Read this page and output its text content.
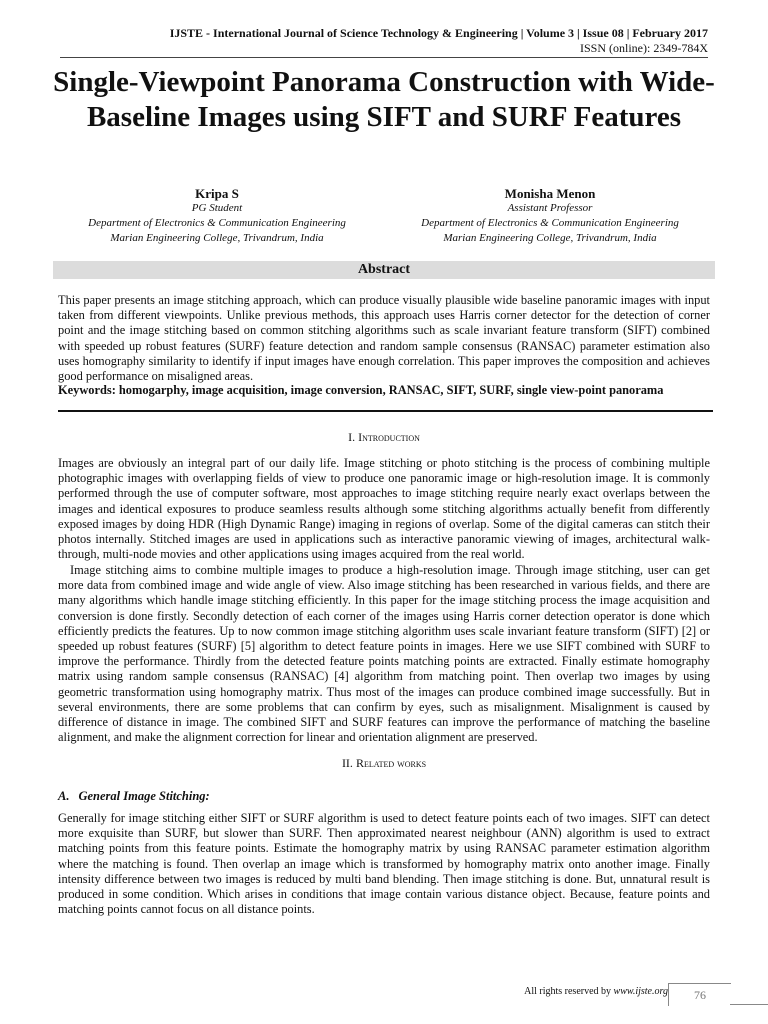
IJSTE - International Journal of Science Technology & Engineering | Volume 3 | Issue 08 | February 2017
ISSN (online): 2349-784X
Single-Viewpoint Panorama Construction with Wide-Baseline Images using SIFT and SURF Features
Kripa S
PG Student
Department of Electronics & Communication Engineering
Marian Engineering College, Trivandrum, India
Monisha Menon
Assistant Professor
Department of Electronics & Communication Engineering
Marian Engineering College, Trivandrum, India
Abstract

This paper presents an image stitching approach, which can produce visually plausible wide baseline panoramic images with input taken from different viewpoints. Unlike previous methods, this approach uses Harris corner detector for the detection of corner point and the image stitching based on common stitching algorithms such as scale invariant feature transform (SIFT) combined with speeded up robust features (SURF) feature detection and random sample consensus (RANSAC) parameter estimation also uses homography similarity to identify if input images have enough correlation. This paper improves the composition and achieves good performance on misaligned areas.

Keywords: homogarphy, image acquisition, image conversion, RANSAC, SIFT, SURF, single view-point panorama

I. Introduction

Images are obviously an integral part of our daily life. Image stitching or photo stitching is the process of combining multiple photographic images with overlapping fields of view to produce one panoramic image or high-resolution image. It is commonly performed through the use of computer software, most approaches to image stitching require nearly exact overlaps between the images and identical exposures to produce seamless results although some stitching algorithms actually benefit from differently exposed images by doing HDR (High Dynamic Range) imaging in regions of overlap. Some of the digital cameras can stitch their photos internally. Stitched images are used in applications such as interactive panoramic viewing of images, architectural walk-through, multi-node movies and other applications using images acquired from the real world.

Image stitching aims to combine multiple images to produce a high-resolution image. Through image stitching, user can get more data from combined image and wide angle of view. Also image stitching has been researched in various fields, and there are many algorithms which handle image stitching efficiently. In this paper for the image stitching process the image acquisition and conversion is done firstly. Secondly detection of each corner of the images using Harris corner detection operator is done which efficiently predicts the features. Up to now common image stitching algorithm uses scale invariant feature transform (SIFT) [2] or speeded up robust features (SURF) [5] algorithm to detect feature points in images. Here we use SIFT combined with SURF to improve the performance. Thirdly from the detected feature points matching points are extracted. Finally estimate homography matrix using random sample consensus (RANSAC) [4] algorithm from matching point. Then overlap two images by using geometric transformation using homography matrix. Thus most of the images can produce combined image successfully. But in several environments, there are some problems that can confirm by eyes, such as misalignment. Misalignment is caused by difference of distance in image. The combined SIFT and SURF features can improve the performance of matching the baseline alignment, and make the alignment correction for linear and orientation alignment are preserved.

II. Related works
A. General Image Stitching:

Generally for image stitching either SIFT or SURF algorithm is used to detect feature points each of two images. SIFT can detect more exquisite than SURF, but slower than SURF. Then approximated nearest neighbour (ANN) algorithm is used to extract matching points from this feature points. Estimate the homography matrix by using RANSAC parameter estimation algorithm where the matching is found. Then overlap an image which is transformed by homography matrix onto another image. Finally intensity difference between two images is reduced by multi band blending. Then image stitching is done. But, unnatural result is produced in some condition. Which arises in conditions that image contain various distance object. Because, feature points and matching points cannot focus on all distance points.

All rights reserved by www.ijste.org	76
